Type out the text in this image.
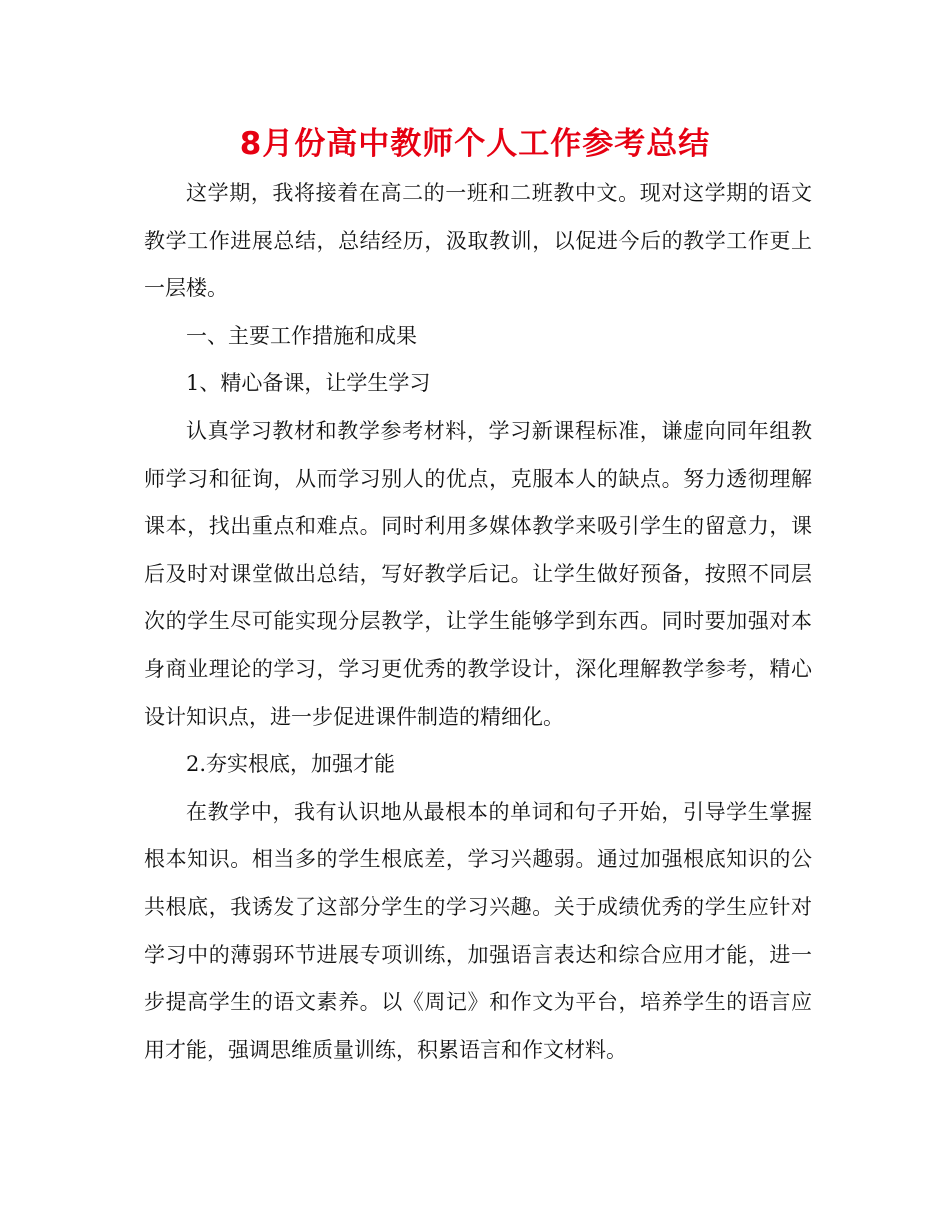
8月份高中教师个人工作参考总结

这学期，我将接着在高二的一班和二班教中文。现对这学期的语文教学工作进展总结，总结经历，汲取教训，以促进今后的教学工作更上一层楼。

一、主要工作措施和成果

1、精心备课，让学生学习

认真学习教材和教学参考材料，学习新课程标准，谦虚向同年组教师学习和征询，从而学习别人的优点，克服本人的缺点。努力透彻理解课本，找出重点和难点。同时利用多媒体教学来吸引学生的留意力，课后及时对课堂做出总结，写好教学后记。让学生做好预备，按照不同层次的学生尽可能实现分层教学，让学生能够学到东西。同时要加强对本身商业理论的学习，学习更优秀的教学设计，深化理解教学参考，精心设计知识点，进一步促进课件制造的精细化。

2.夯实根底，加强才能

在教学中，我有认识地从最根本的单词和句子开始，引导学生掌握根本知识。相当多的学生根底差，学习兴趣弱。通过加强根底知识的公共根底，我诱发了这部分学生的学习兴趣。关于成绩优秀的学生应针对学习中的薄弱环节进展专项训练，加强语言表达和综合应用才能，进一步提高学生的语文素养。以《周记》和作文为平台，培养学生的语言应用才能，强调思维质量训练，积累语言和作文材料。
